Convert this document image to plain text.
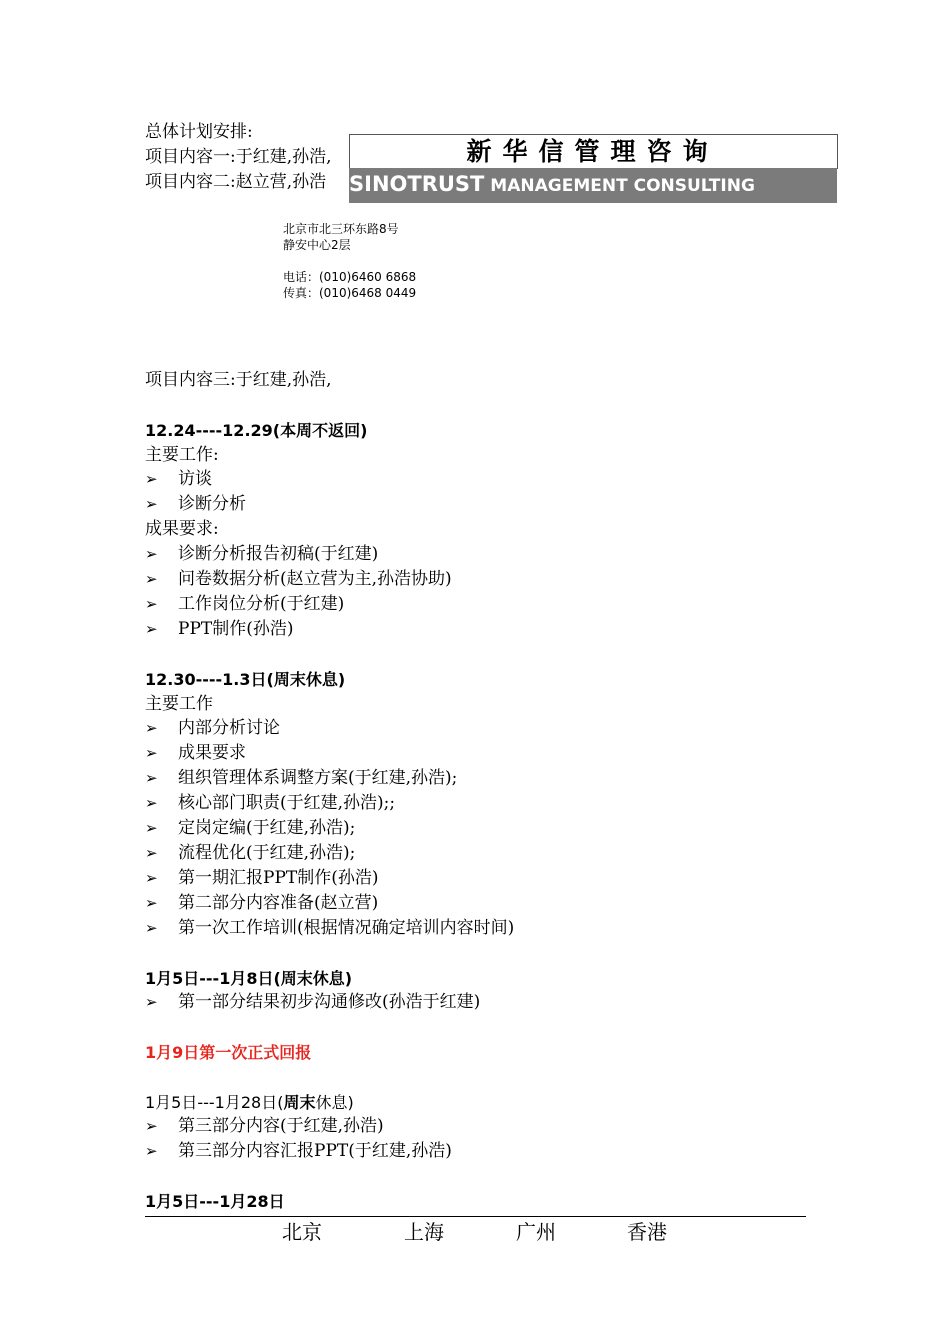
总体计划安排:
项目内容一:于红建,孙浩,
项目内容二:赵立营,孙浩
新华信管理咨询
SINOTRUST MANAGEMENT CONSULTING
北京市北三环东路8号
静安中心2层
电话：(010)6460 6868
传真：(010)6468 0449
项目内容三:于红建,孙浩,
12.24----12.29(本周不返回)
主要工作:
➢ 访谈
➢ 诊断分析
成果要求:
➢ 诊断分析报告初稿(于红建)
➢ 问卷数据分析(赵立营为主,孙浩协助)
➢ 工作岗位分析(于红建)
➢ PPT制作(孙浩)
12.30----1.3日(周末休息)
主要工作
➢ 内部分析讨论
➢ 成果要求
➢ 组织管理体系调整方案(于红建,孙浩);
➢ 核心部门职责(于红建,孙浩);;
➢ 定岗定编(于红建,孙浩);
➢ 流程优化(于红建,孙浩);
➢ 第一期汇报PPT制作(孙浩)
➢ 第二部分内容准备(赵立营)
➢ 第一次工作培训(根据情况确定培训内容时间)
1月5日---1月8日(周末休息)
➢ 第一部分结果初步沟通修改(孙浩于红建)
1月9日第一次正式回报
1月5日---1月28日(周末休息)
➢ 第三部分内容(于红建,孙浩)
➢ 第三部分内容汇报PPT(于红建,孙浩)
1月5日---1月28日
北京	上海	广州	香港
